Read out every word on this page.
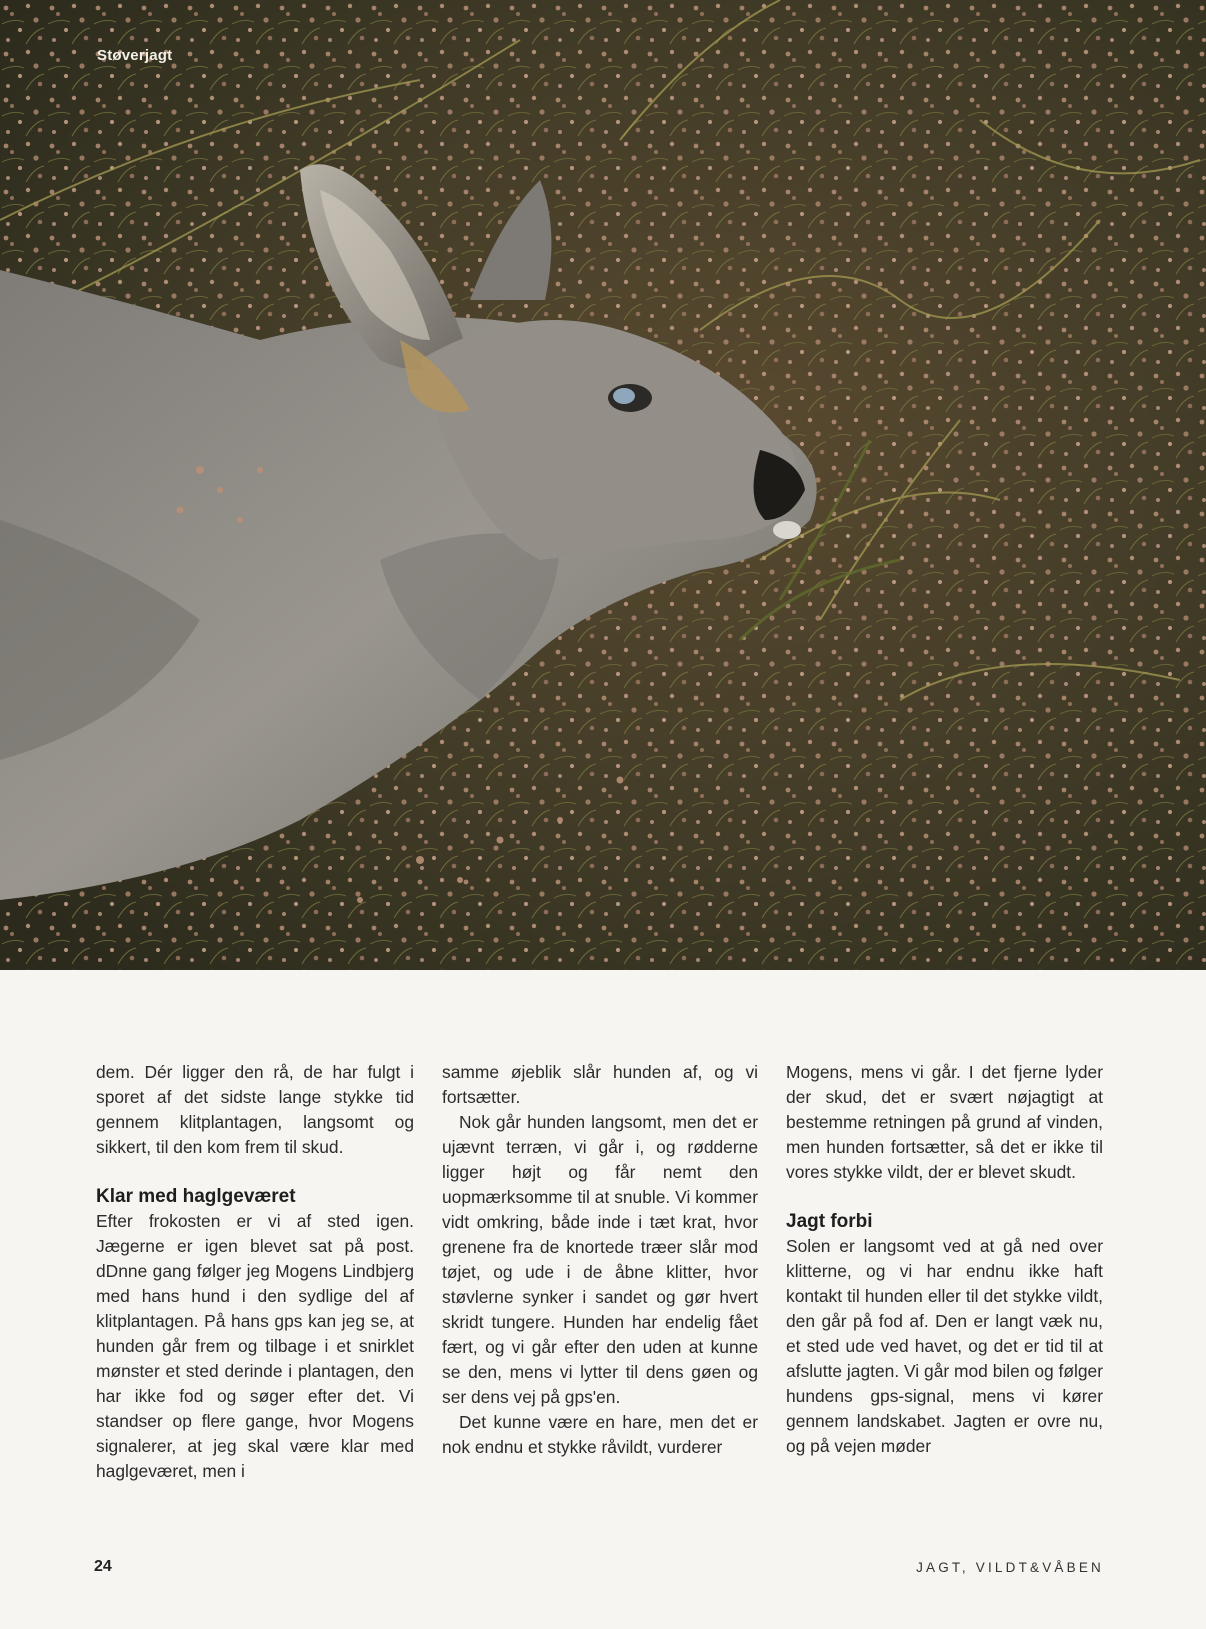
Støverjagt

dem. Dér ligger den rå, de har fulgt i sporet af det sidste lange stykke tid gennem klitplantagen, langsomt og sikkert, til den kom frem til skud.

Klar med haglgeværet

Efter frokosten er vi af sted igen. Jægerne er igen blevet sat på post. dDnne gang følger jeg Mogens Lindbjerg med hans hund i den sydlige del af klitplantagen. På hans gps kan jeg se, at hunden går frem og tilbage i et snirklet mønster et sted derinde i plantagen, den har ikke fod og søger efter det. Vi standser op flere gange, hvor Mogens signalerer, at jeg skal være klar med haglgeværet, men i

samme øjeblik slår hunden af, og vi fortsætter.

Nok går hunden langsomt, men det er ujævnt terræn, vi går i, og rødderne ligger højt og får nemt den uopmærksomme til at snuble. Vi kommer vidt omkring, både inde i tæt krat, hvor grenene fra de knortede træer slår mod tøjet, og ude i de åbne klitter, hvor støvlerne synker i sandet og gør hvert skridt tungere. Hunden har endelig fået fært, og vi går efter den uden at kunne se den, mens vi lytter til dens gøen og ser dens vej på gps'en.

Det kunne være en hare, men det er nok endnu et stykke råvildt, vurderer

Mogens, mens vi går. I det fjerne lyder der skud, det er svært nøjagtigt at bestemme retningen på grund af vinden, men hunden fortsætter, så det er ikke til vores stykke vildt, der er blevet skudt.

Jagt forbi

Solen er langsomt ved at gå ned over klitterne, og vi har endnu ikke haft kontakt til hunden eller til det stykke vildt, den går på fod af. Den er langt væk nu, et sted ude ved havet, og det er tid til at afslutte jagten. Vi går mod bilen og følger hundens gps-signal, mens vi kører gennem landskabet. Jagten er ovre nu, og på vejen møder

24	JAGT, VILDT&VÅBEN
